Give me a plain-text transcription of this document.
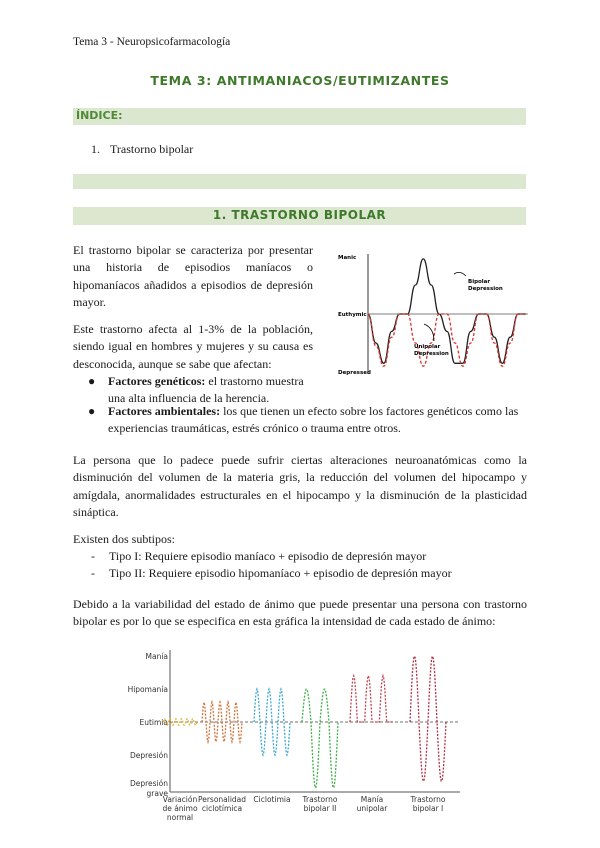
Tema 3 - Neuropsicofarmacología
TEMA 3: ANTIMANIACOS/EUTIMIZANTES
ÍNDICE:
1. Trastorno bipolar
1. TRASTORNO BIPOLAR
El trastorno bipolar se caracteriza por presentar una historia de episodios maníacos o hipomaníacos añadidos a episodios de depresión mayor.
Este trastorno afecta al 1-3% de la población, siendo igual en hombres y mujeres y su causa es desconocida, aunque se sabe que afectan:
● Factores genéticos: el trastorno muestra una alta influencia de la herencia.
● Factores ambientales: los que tienen un efecto sobre los factores genéticos como las experiencias traumáticas, estrés crónico o trauma entre otros.
La persona que lo padece puede sufrir ciertas alteraciones neuroanatómicas como la disminución del volumen de la materia gris, la reducción del volumen del hipocampo y amígdala, anormalidades estructurales en el hipocampo y la disminución de la plasticidad sináptica.
Existen dos subtipos:
- Tipo I: Requiere episodio maníaco + episodio de depresión mayor
- Tipo II: Requiere episodio hipomaníaco + episodio de depresión mayor
Debido a la variabilidad del estado de ánimo que puede presentar una persona con trastorno bipolar es por lo que se especifica en esta gráfica la intensidad de cada estado de ánimo:
Manic
Euthymic
Depressed
Bipolar Depression
Unipolar Depression
Manía
Hipomanía
Eutimia
Depresión
Depresión
grave
Variación
de ánimo
normal
Personalidad
ciclotímica
Ciclotimia Trastorno
bipolar II
Manía
unipolar
Trastorno
bipolar I
